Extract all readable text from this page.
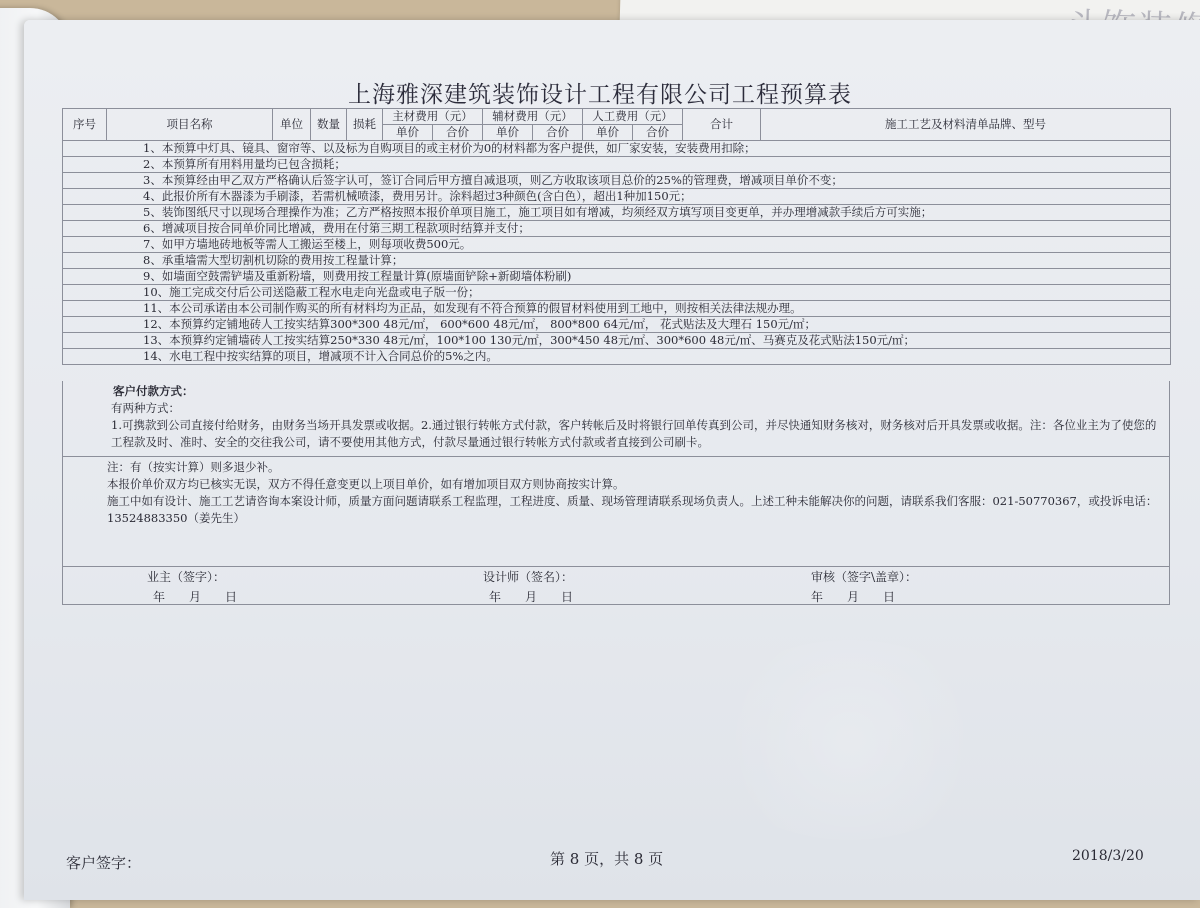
上海雅深建筑装饰设计工程有限公司工程预算表
序号	项目名称	单位	数量	损耗	主材费用（元）		辅材费用（元）		人工费用（元）		合计	施工工艺及材料清单品牌、型号
					单价	合价	单价	合价	单价	合价		
1、本预算中灯具、镜具、窗帘等、以及标为自购项目的或主材价为0的材料都为客户提供，如厂家安装，安装费用扣除；												
2、本预算所有用料用量均已包含损耗；												
3、本预算经由甲乙双方严格确认后签字认可，签订合同后甲方擅自减退项，则乙方收取该项目总价的25%的管理费，增减项目单价不变；												
4、此报价所有木器漆为手刷漆，若需机械喷漆，费用另计。涂料超过3种颜色(含白色），超出1种加150元；												
5、装饰图纸尺寸以现场合理操作为准；乙方严格按照本报价单项目施工，施工项目如有增减，均须经双方填写项目变更单，并办理增减款手续后方可实施；												
6、增减项目按合同单价同比增减，费用在付第三期工程款项时结算并支付；												
7、如甲方墙地砖地板等需人工搬运至楼上，则每项收费500元。												
8、承重墙需大型切割机切除的费用按工程量计算；												
9、如墙面空鼓需铲墙及重新粉墙，则费用按工程量计算(原墙面铲除+新砌墙体粉刷)												
10、施工完成交付后公司送隐蔽工程水电走向光盘或电子版一份；												
11、本公司承诺由本公司制作购买的所有材料均为正品，如发现有不符合预算的假冒材料使用到工地中，则按相关法律法规办理。												
12、本预算约定铺地砖人工按实结算300*300 48元/㎡， 600*600 48元/㎡， 800*800 64元/㎡， 花式贴法及大理石 150元/㎡；												
13、本预算约定铺墙砖人工按实结算250*330 48元/㎡，100*100 130元/㎡，300*450 48元/㎡、300*600 48元/㎡、马赛克及花式贴法150元/㎡；												
14、水电工程中按实结算的项目，增减项不计入合同总价的5%之内。												

客户付款方式：

有两种方式：

1.可携款到公司直接付给财务，由财务当场开具发票或收据。2.通过银行转帐方式付款，客户转帐后及时将银行回单传真到公司，并尽快通知财务核对，财务核对后开具发票或收据。注：各位业主为了使您的工程款及时、准时、安全的交往我公司，请不要使用其他方式，付款尽量通过银行转帐方式付款或者直接到公司刷卡。

注：有（按实计算）则多退少补。

本报价单价双方均已核实无误，双方不得任意变更以上项目单价，如有增加项目双方则协商按实计算。

施工中如有设计、施工工艺请咨询本案设计师，质量方面问题请联系工程监理，工程进度、质量、现场管理请联系现场负责人。上述工种未能解决你的问题，请联系我们客服：021-50770367，或投诉电话：13524883350（姜先生）

业主（签字）：	设计师（签名）：	审核（签字\盖章）：
年　　月　　日	年　　月　　日	年　　月　　日
客户签字：	第 8 页，共 8 页	2018/3/20
